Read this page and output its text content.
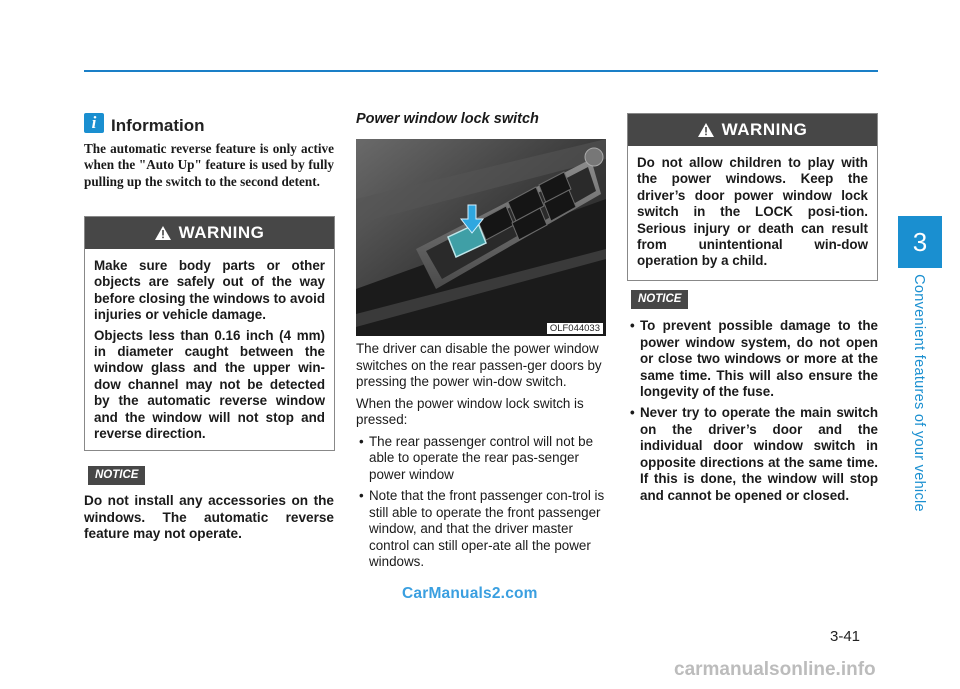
3
Convenient features of your vehicle
i Information
The automatic reverse feature is only active when the "Auto Up" feature is used by fully pulling up the switch to the second detent.
WARNING

Make sure body parts or other objects are safely out of the way before closing the windows to avoid injuries or vehicle damage.

Objects less than 0.16 inch (4 mm) in diameter caught between the window glass and the upper win-dow channel may not be detected by the automatic reverse window and the window will not stop and reverse direction.

NOTICE
Do not install any accessories on the windows. The automatic reverse feature may not operate.
Power window lock switch
OLF044033

The driver can disable the power window switches on the rear passen-ger doors by pressing the power win-dow switch.

When the power window lock switch is pressed:

• The rear passenger control will not be able to operate the rear pas-senger power window
• Note that the front passenger con-trol is still able to operate the front passenger window, and that the driver master control can still oper-ate all the power windows.
WARNING

Do not allow children to play with the power windows. Keep the driver’s door power window lock switch in the LOCK posi-tion. Serious injury or death can result from unintentional win-dow operation by a child.

NOTICE
• To prevent possible damage to the power window system, do not open or close two windows or more at the same time. This will also ensure the longevity of the fuse.
• Never try to operate the main switch on the driver’s door and the individual door window switch in opposite directions at the same time. If this is done, the window will stop and cannot be opened or closed.
3-41
CarManuals2.com
carmanualsonline.info
